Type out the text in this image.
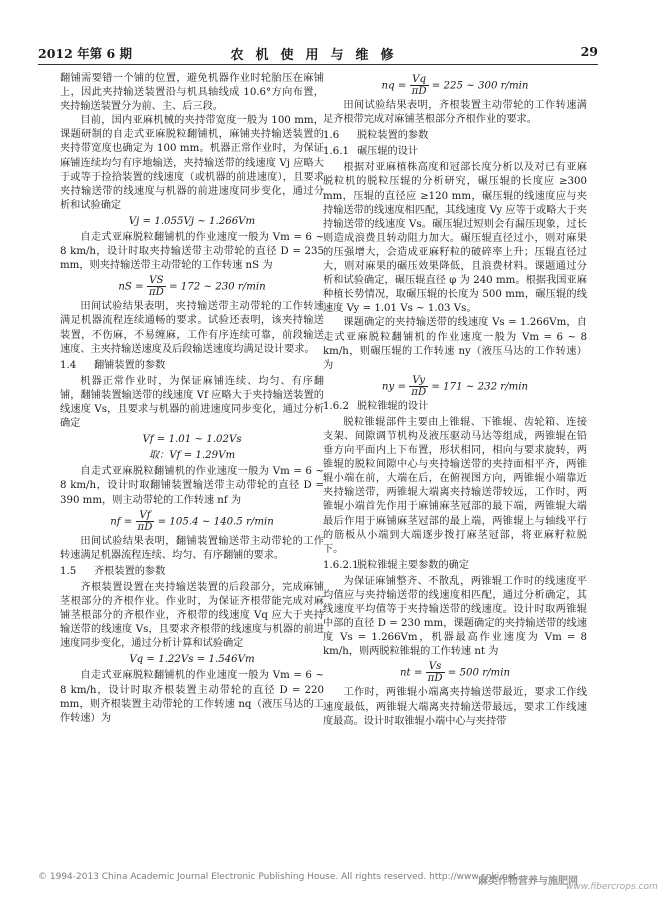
2012 年第 6 期	农机使用与维修	29

翻铺需要错一个铺的位置，避免机器作业时轮胎压在麻铺上，因此夹持输送装置沿与机具轴线成 10.6°方向布置，夹持输送装置分为前、主、后三段。

目前，国内亚麻机械的夹持带宽度一般为 100 mm，课题研制的自走式亚麻脱粒翻铺机，麻铺夹持输送装置的夹持带宽度也确定为 100 mm。机器正常作业时，为保证麻铺连续均匀有序地输送，夹持输送带的线速度 Vj 应略大于或等于捡拾装置的线速度（或机器的前进速度），且要求夹持输送带的线速度与机器的前进速度同步变化，通过分析和试验确定

Vj = 1.055Vj ~ 1.266Vm

自走式亚麻脱粒翻铺机的作业速度一般为 Vm = 6 ~ 8 km/h，设计时取夹持输送带主动带轮的直径 D = 235 mm，则夹持输送带主动带轮的工作转速 nS 为

nS = $\frac{VS}{\pi D} = 172$ ~ 230 r/min

田间试验结果表明，夹持输送带主动带轮的工作转速满足机器流程连续通畅的要求。试验还表明，该夹持输送装置，不伤麻，不易缠麻，工作有序连续可靠，前段输送速度、主夹持输送速度及后段输送速度均满足设计要求。

1.4 翻铺装置的参数

机器正常作业时，为保证麻铺连续、均匀、有序翻铺，翻铺装置输送带的线速度 Vf 应略大于夹持输送装置的线速度 Vs，且要求与机器的前进速度同步变化，通过分析确定

Vf = 1.01 ~ 1.02Vs

取：Vf = 1.29Vm

自走式亚麻脱粒翻铺机的作业速度一般为 Vm = 6 ~ 8 km/h，设计时取翻铺装置输送带主动带轮的直径 D = 390 mm，则主动带轮的工作转速 nf 为

nf = $\frac{Vf}{\pi D} = 105.4$ ~ 140.5 r/min

田间试验结果表明，翻铺装置输送带主动带轮的工作转速满足机器流程连续、均匀、有序翻铺的要求。

1.5 齐根装置的参数

齐根装置设置在夹持输送装置的后段部分，完成麻铺茎根部分的齐根作业。作业时，为保证齐根带能完成对麻铺茎根部分的齐根作业，齐根带的线速度 Vq 应大于夹持输送带的线速度 Vs，且要求齐根带的线速度与机器的前进速度同步变化，通过分析计算和试验确定

Vq = 1.22Vs = 1.546Vm

自走式亚麻脱粒翻铺机的作业速度一般为 Vm = 6 ~ 8 km/h，设计时取齐根装置主动带轮的直径 D = 220 mm，则齐根装置主动带轮的工作转速 nq（液压马达的工作转速）为

nq = $\frac{Vq}{\pi D} = 225$ ~ 300 r/min

田间试验结果表明，齐根装置主动带轮的工作转速满足齐根带完成对麻铺茎根部分齐根作业的要求。

1.6 脱粒装置的参数

1.6.1 碾压辊的设计

根据对亚麻植株高度和冠部长度分析以及对已有亚麻脱粒机的脱粒压辊的分析研究，碾压辊的长度应 ≥300 mm，压辊的直径应 ≥120 mm，碾压辊的线速度应与夹持输送带的线速度相匹配，其线速度 Vy 应等于或略大于夹持输送带的线速度 Vs。碾压辊过短则会有漏压现象，过长则造成浪费且转动阻力加大。碾压辊直径过小，则对麻果的压强增大，会造成亚麻籽粒的破碎率上升；压辊直径过大，则对麻果的碾压效果降低，且浪费材料。课题通过分析和试验确定，碾压辊直径 φ 为 240 mm。根据我国亚麻种植长势情况，取碾压辊的长度为 500 mm，碾压辊的线速度 Vy = 1.01 Vs ~ 1.03 Vs。

课题确定的夹持输送带的线速度 Vs = 1.266Vm，自走式亚麻脱粒翻铺机的作业速度一般为 Vm = 6 ~ 8 km/h，则碾压辊的工作转速 ny（液压马达的工作转速）为

ny = $\frac{Vy}{\pi D} = 171$ ~ 232 r/min

1.6.2 脱粒锥辊的设计

脱粒锥辊部件主要由上锥辊、下锥辊、齿轮箱、连接支架、间隙调节机构及液压驱动马达等组成，两锥辊在铅垂方向平面内上下布置，形状相同，相向与要求旋转，两锥辊的脱粒间隙中心与夹持输送带的夹持面相平齐，两锥辊小端在前，大端在后，在俯视图方向，两锥辊小端靠近夹持输送带，两锥辊大端离夹持输送带较远，工作时，两锥辊小端首先作用于麻铺麻茎冠部的最下端，两锥辊大端最后作用于麻铺麻茎冠部的最上端，两锥辊上与轴线平行的筋板从小端到大端逐步拨打麻茎冠部，将亚麻籽粒脱下。

1.6.2.1脱粒锥辊主要参数的确定

为保证麻铺整齐、不散乱，两锥辊工作时的线速度平均值应与夹持输送带的线速度相匹配，通过分析确定，其线速度平均值等于夹持输送带的线速度。设计时取两锥辊中部的直径 D = 230 mm，课题确定的夹持输送带的线速度 Vs = 1.266Vm，机器最高作业速度为 Vm = 8 km/h，则两脱粒锥辊的工作转速 nt 为

nt = $\frac{Vs}{\pi D} = 500$ r/min

工作时，两锥辊小端离夹持输送带最近，要求工作线速度最低，两锥辊大端离夹持输送带最远，要求工作线速度最高。设计时取锥辊小端中心与夹持带

© 1994-2013 China Academic Journal Electronic Publishing House. All rights reserved. http://www.cnki.net
麻类作物营养与施肥网
www.fibercrops.com
